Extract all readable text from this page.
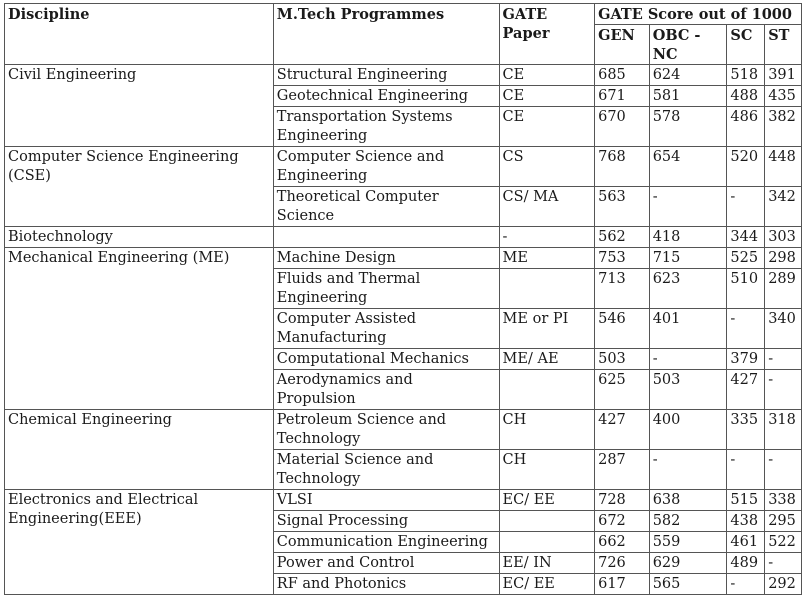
Discipline	M.Tech Programmes	GATE Paper	GATE Score out of 1000			
			GEN	OBC - NC	SC	ST
Civil Engineering	Structural Engineering	CE	685	624	518	391
	Geotechnical Engineering	CE	671	581	488	435
	Transportation Systems Engineering	CE	670	578	486	382
Computer Science Engineering (CSE)	Computer Science and Engineering	CS	768	654	520	448
	Theoretical Computer Science	CS/ MA	563	-	-	342
Biotechnology		-	562	418	344	303
Mechanical Engineering (ME)	Machine Design	ME	753	715	525	298
	Fluids and Thermal Engineering		713	623	510	289
	Computer Assisted Manufacturing	ME or PI	546	401	-	340
	Computational Mechanics	ME/ AE	503	-	379	-
	Aerodynamics and Propulsion		625	503	427	-
Chemical Engineering	Petroleum Science and Technology	CH	427	400	335	318
	Material Science and Technology	CH	287	-	-	-
Electronics and Electrical Engineering(EEE)	VLSI	EC/ EE	728	638	515	338
	Signal Processing		672	582	438	295
	Communication Engineering		662	559	461	522
	Power and Control	EE/ IN	726	629	489	-
	RF and Photonics	EC/ EE	617	565	-	292
